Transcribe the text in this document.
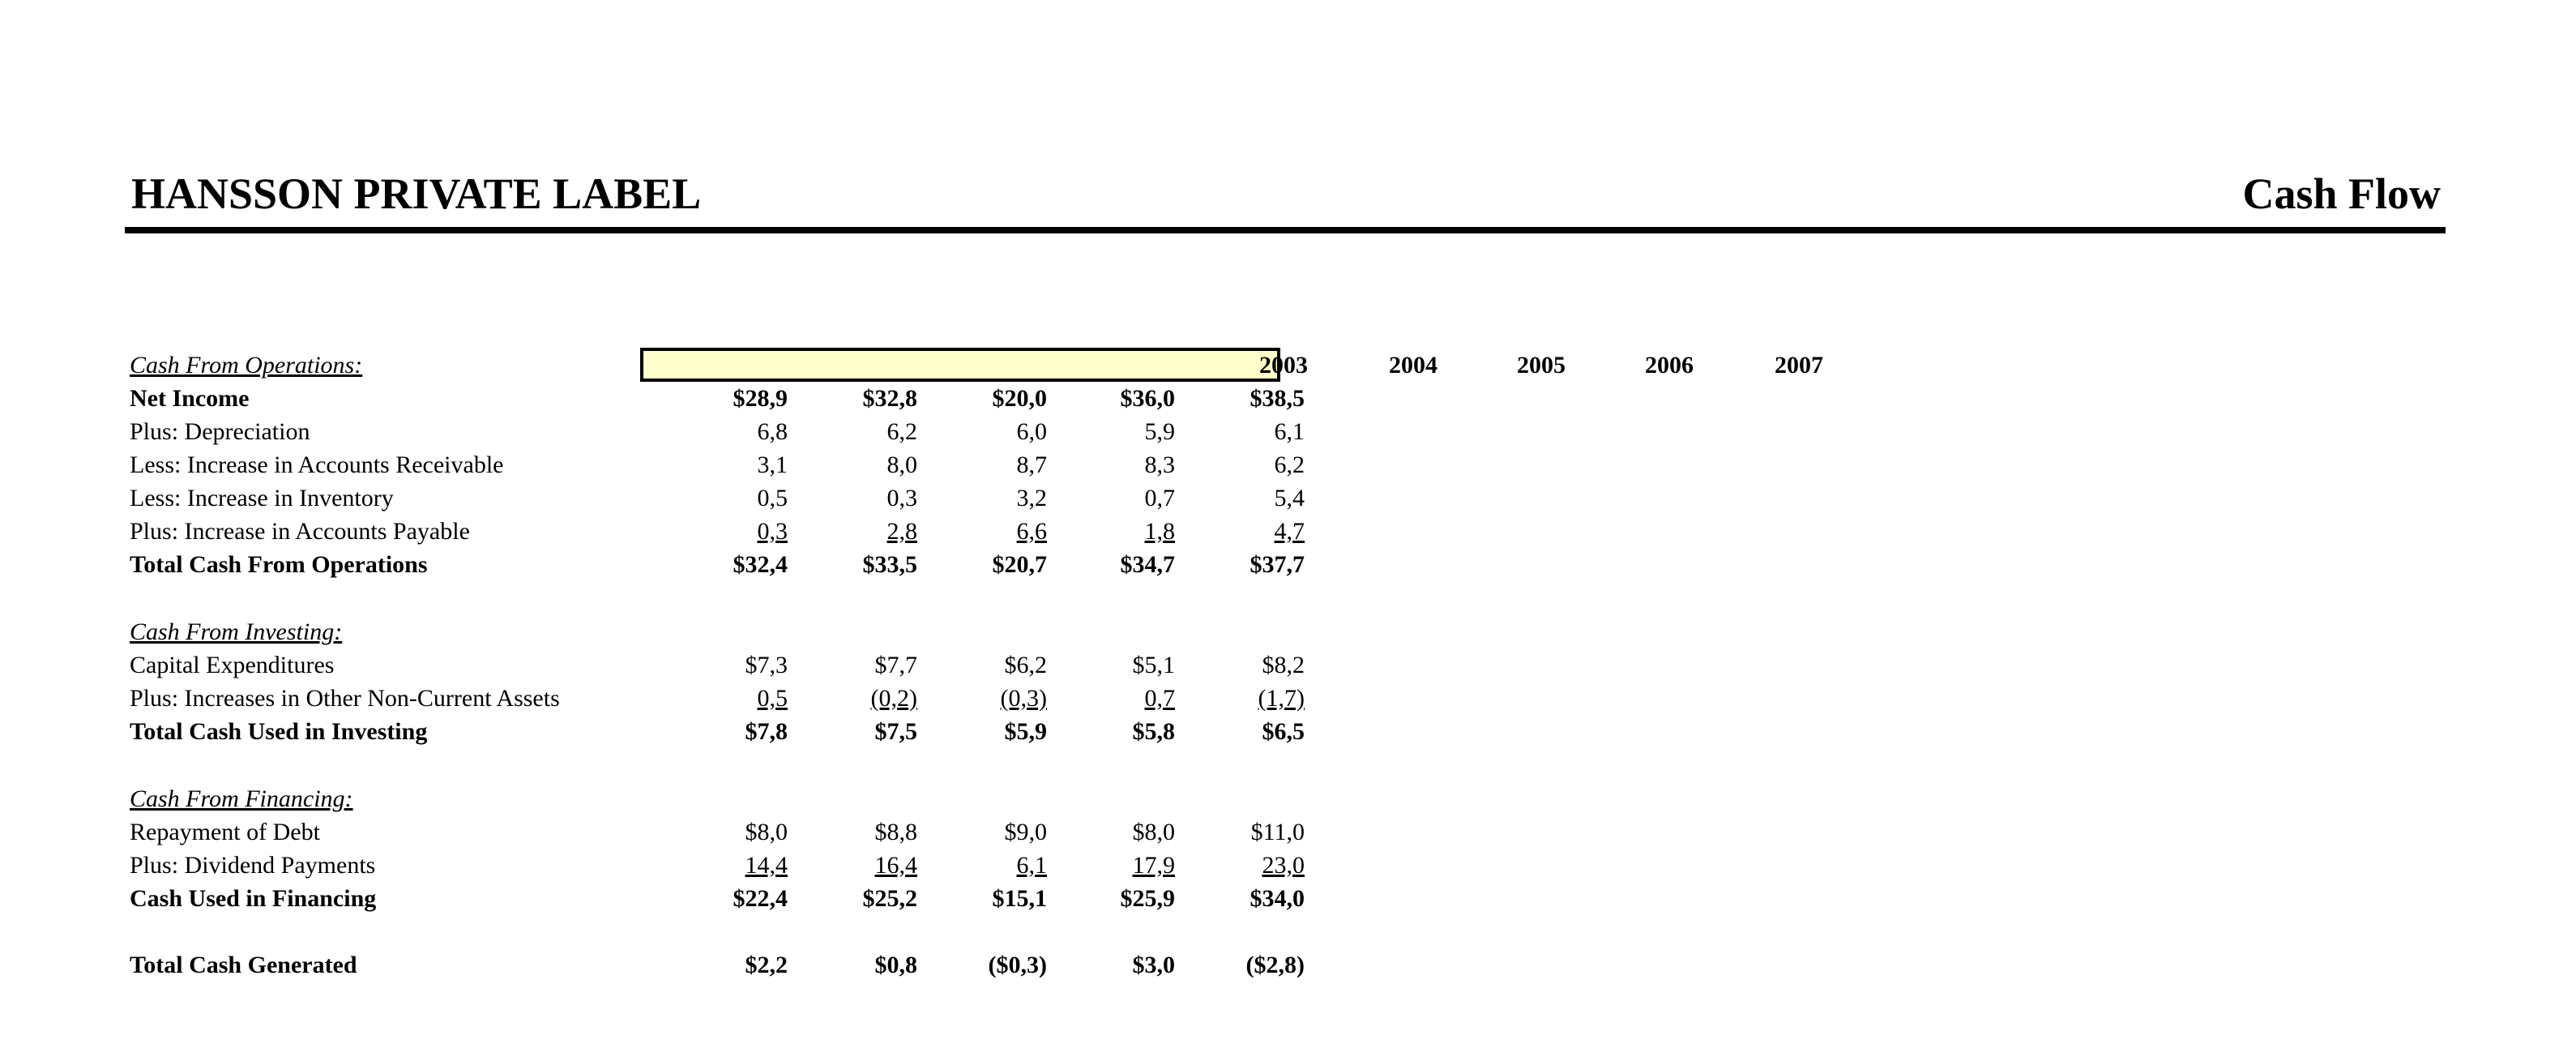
HANSSON PRIVATE LABEL	Cash Flow
2003	2004	2005	2006	2007
Cash From Operations:
Net Income	$28,9	$32,8	$20,0	$36,0	$38,5
Plus: Depreciation	6,8	6,2	6,0	5,9	6,1
Less: Increase in Accounts Receivable	3,1	8,0	8,7	8,3	6,2
Less: Increase in Inventory	0,5	0,3	3,2	0,7	5,4
Plus: Increase in Accounts Payable	0,3	2,8	6,6	1,8	4,7
Total Cash From Operations	$32,4	$33,5	$20,7	$34,7	$37,7
Cash From Investing:
Capital Expenditures	$7,3	$7,7	$6,2	$5,1	$8,2
Plus: Increases in Other Non-Current Assets	0,5	(0,2)	(0,3)	0,7	(1,7)
Total Cash Used in Investing	$7,8	$7,5	$5,9	$5,8	$6,5
Cash From Financing:
Repayment of Debt	$8,0	$8,8	$9,0	$8,0	$11,0
Plus: Dividend Payments	14,4	16,4	6,1	17,9	23,0
Cash Used in Financing	$22,4	$25,2	$15,1	$25,9	$34,0
Total Cash Generated	$2,2	$0,8	($0,3)	$3,0	($2,8)
